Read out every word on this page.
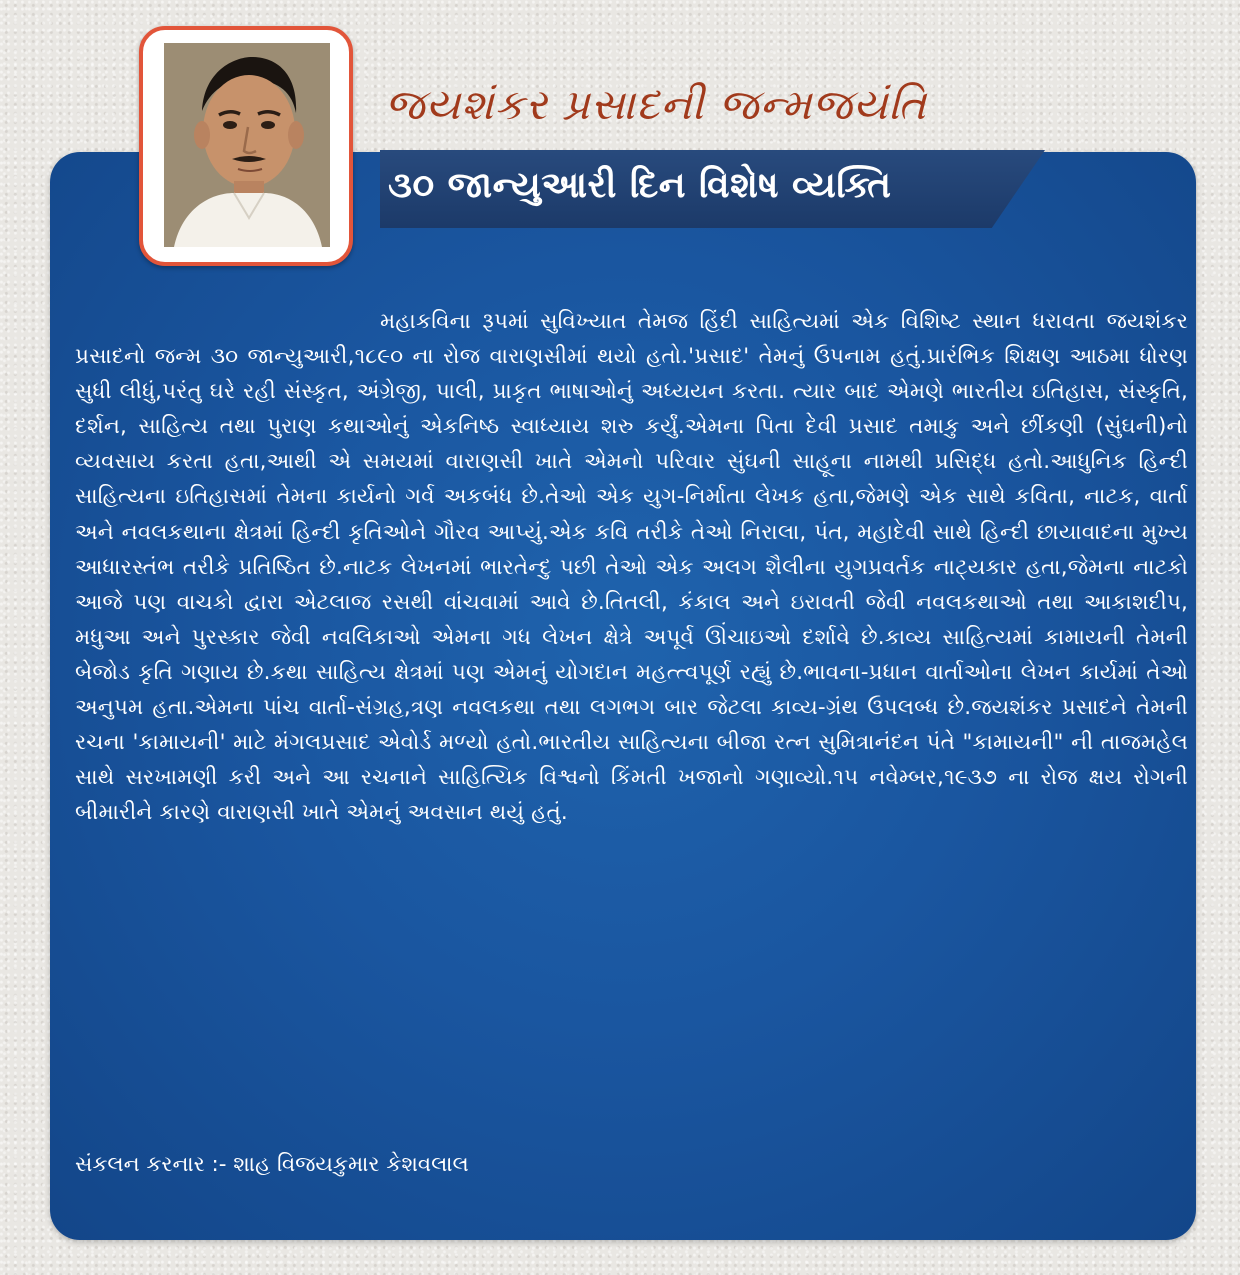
જયશંકર પ્રસાદની જન્મજયંતિ
૩૦ જાન્યુઆરી દિન વિશેષ વ્યક્તિ

મહાકવિના રૂપમાં સુવિખ્યાત તેમજ હિંદી સાહિત્યમાં એક વિશિષ્ટ સ્થાન ધરાવતા જયશંકર પ્રસાદનો જન્મ ૩૦ જાન્યુઆરી,૧૮૯૦ ના રોજ વારાણસીમાં થયો હતો.'પ્રસાદ' તેમનું ઉપનામ હતું.પ્રારંભિક શિક્ષણ આઠમા ધોરણ સુધી લીધું,પરંતુ ઘરે રહી સંસ્કૃત, અંગ્રેજી, પાલી, પ્રાકૃત ભાષાઓનું અધ્યયન કરતા. ત્યાર બાદ એમણે ભારતીય ઇતિહાસ, સંસ્કૃતિ, દર્શન, સાહિત્ય તથા પુરાણ કથાઓનું એકનિષ્ઠ સ્વાધ્યાય શરુ કર્યું.એમના પિતા દેવી પ્રસાદ તમાકુ અને છીંકણી (સુંઘની)નો વ્યવસાય કરતા હતા,આથી એ સમયમાં વારાણસી ખાતે એમનો પરિવાર સુંઘની સાહૂના નામથી પ્રસિદ્ધ હતો.આધુનિક હિન્દી સાહિત્યના ઇતિહાસમાં તેમના કાર્યનો ગર્વ અકબંધ છે.તેઓ એક યુગ-નિર્માતા લેખક હતા,જેમણે એક સાથે કવિતા, નાટક, વાર્તા અને નવલકથાના ક્ષેત્રમાં હિન્દી કૃતિઓને ગૌરવ આપ્યું.એક કવિ તરીકે તેઓ નિરાલા, પંત, મહાદેવી સાથે હિન્દી છાયાવાદના મુખ્ય આધારસ્તંભ તરીકે પ્રતિષ્ઠિત છે.નાટક લેખનમાં ભારતેન્દુ પછી તેઓ એક અલગ શૈલીના યુગપ્રવર્તક નાટ્યકાર હતા,જેમના નાટકો આજે પણ વાચકો દ્વારા એટલાજ રસથી વાંચવામાં આવે છે.તિતલી, કંકાલ અને ઇરાવતી જેવી નવલકથાઓ તથા આકાશદીપ, મધુઆ અને પુરસ્કાર જેવી નવલિકાઓ એમના ગધ લેખન ક્ષેત્રે અપૂર્વ ઊંચાઇઓ દર્શાવે છે.કાવ્ય સાહિત્યમાં કામાયની તેમની બેજોડ કૃતિ ગણાય છે.કથા સાહિત્ય ક્ષેત્રમાં પણ એમનું યોગદાન મહત્ત્વપૂર્ણ રહ્યું છે.ભાવના-પ્રધાન વાર્તાઓના લેખન કાર્યમાં તેઓ અનુપમ હતા.એમના પાંચ વાર્તા-સંગ્રહ,ત્રણ નવલકથા તથા લગભગ બાર જેટલા કાવ્ય-ગ્રંથ ઉપલબ્ધ છે.જયશંકર પ્રસાદને તેમની રચના 'કામાયની' માટે મંગલપ્રસાદ એવોર્ડ મળ્યો હતો.ભારતીય સાહિત્યના બીજા રત્ન સુમિત્રાનંદન પંતે "કામાયની" ની તાજમહેલ સાથે સરખામણી કરી અને આ રચનાને સાહિત્યિક વિશ્વનો કિંમતી ખજાનો ગણાવ્યો.૧૫ નવેમ્બર,૧૯૩૭ ના રોજ ક્ષય રોગની બીમારીને કારણે વારાણસી ખાતે એમનું અવસાન થયું હતું.

સંકલન કરનાર :- શાહ વિજયકુમાર કેશવલાલ
